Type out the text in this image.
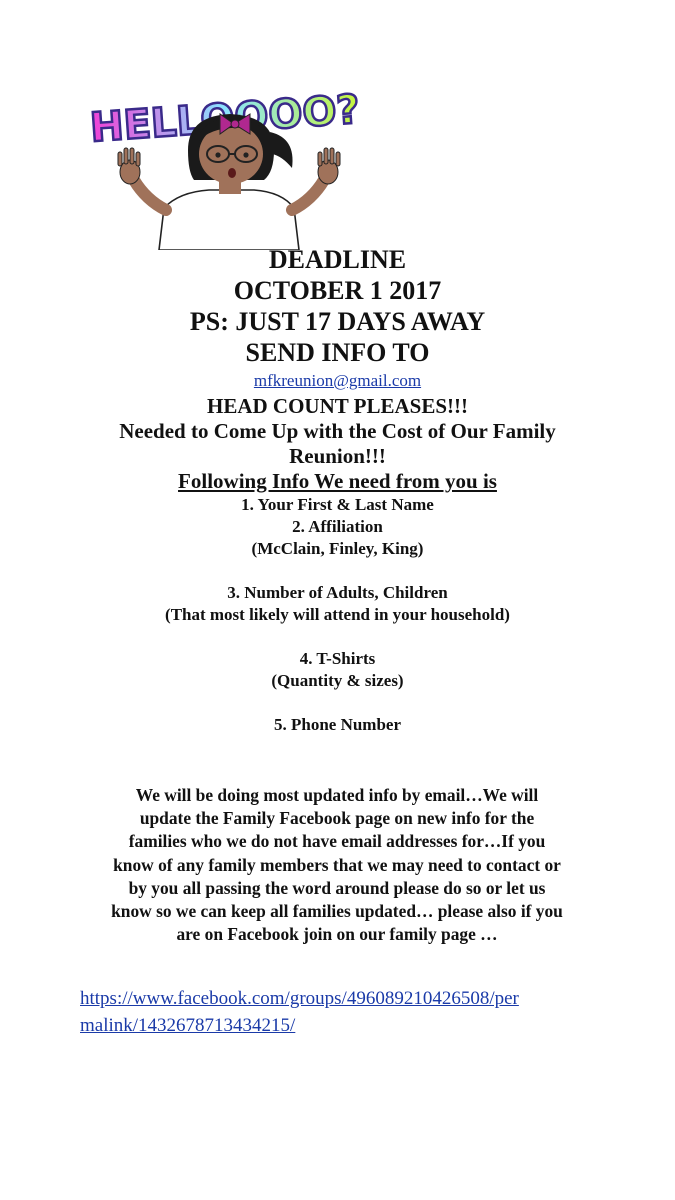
DEADLINE

OCTOBER 1 2017

PS: JUST 17 DAYS AWAY

SEND INFO TO

mfkreunion@gmail.com

HEAD COUNT PLEASES!!!

Needed to Come Up with the Cost of Our Family

Reunion!!!

Following Info We need from you is

1. Your First & Last Name

2. Affiliation

(McClain, Finley, King)

3. Number of Adults, Children

(That most likely will attend in your household)

4. T-Shirts

(Quantity & sizes)

5. Phone Number

We will be doing most updated info by email…We will
update the Family Facebook page on new info for the
families who we do not have email addresses for…If you
know of any family members that we may need to contact or
by you all passing the word around please do so or let us
know so we can keep all families updated… please also if you
are on Facebook join on our family page …
https://www.facebook.com/groups/496089210426508/per
malink/1432678713434215/
